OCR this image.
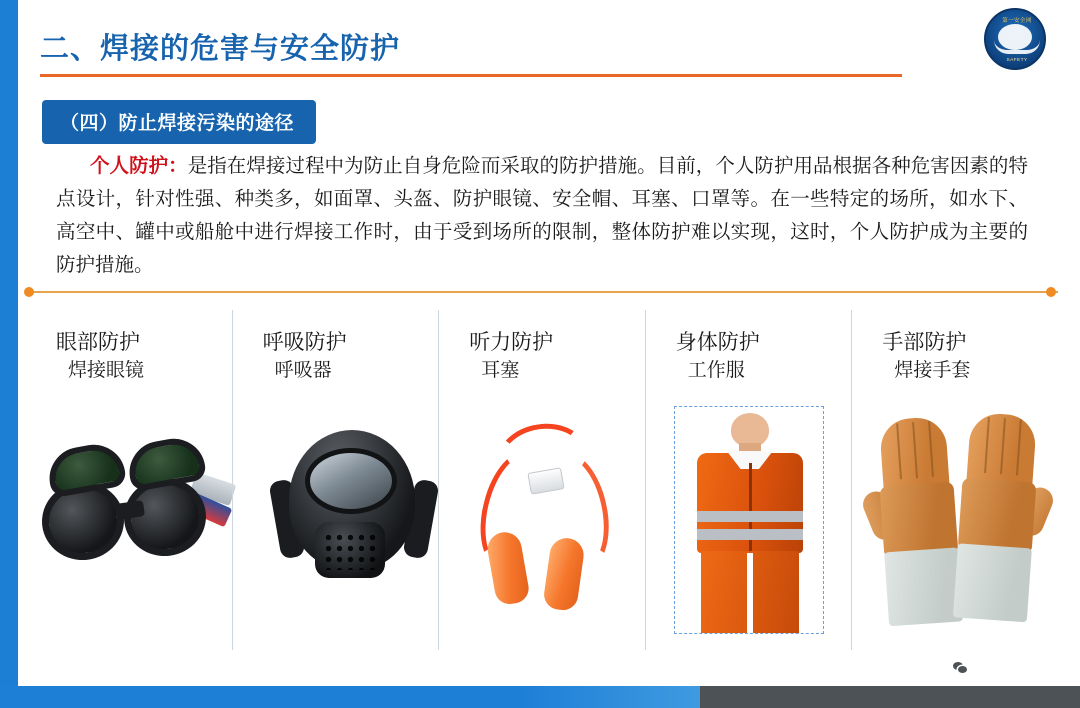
二、焊接的危害与安全防护
第一安全网
SAFETY
（四）防止焊接污染的途径
个人防护：是指在焊接过程中为防止自身危险而采取的防护措施。目前，个人防护用品根据各种危害因素的特点设计，针对性强、种类多，如面罩、头盔、防护眼镜、安全帽、耳塞、口罩等。在一些特定的场所，如水下、高空中、罐中或船舱中进行焊接工作时，由于受到场所的限制，整体防护难以实现，这时，个人防护成为主要的防护措施。
眼部防护
焊接眼镜
呼吸防护
呼吸器
听力防护
耳塞
身体防护
工作服
手部防护
焊接手套
ABC安全
